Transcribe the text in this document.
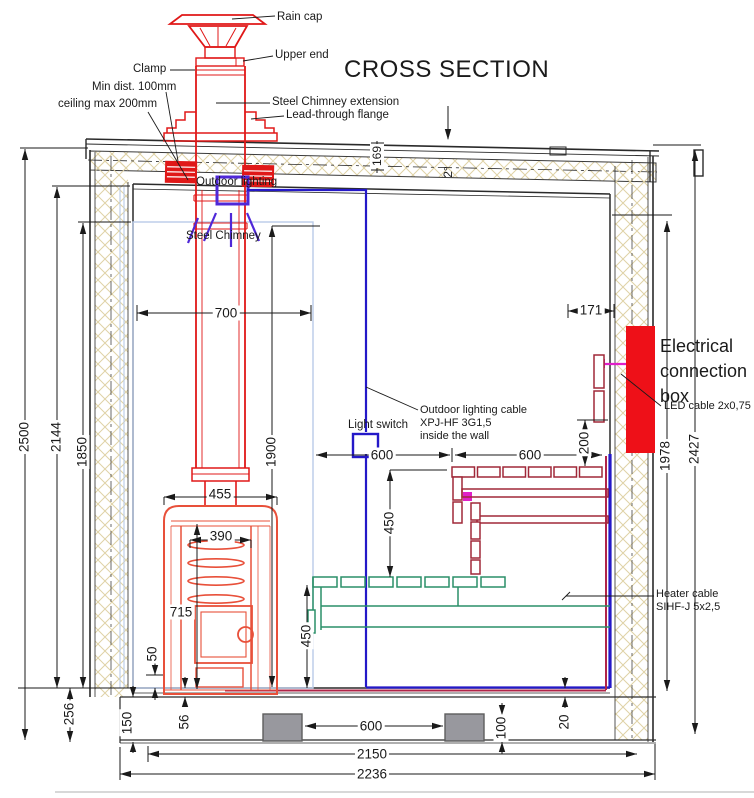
CROSS SECTION
Rain cap
Upper end
Clamp
Min dist. 100mm
ceiling max 200mm	Steel Chimney extension
Lead-through flange
Outdoor lighting
Steel Chimney
Light switch
Outdoor lighting cable
XPJ-HF 3G1,5
inside the wall
Electrical
connection
box
LED cable 2x0,75
Heater cable
SIHF-J 5x2,5
2500 2144 1850
700
1900
455
390
715
50
450
450
600	600
200
171
1978 2427
169
2°
256	150	56	600	100	20
2150
2236
